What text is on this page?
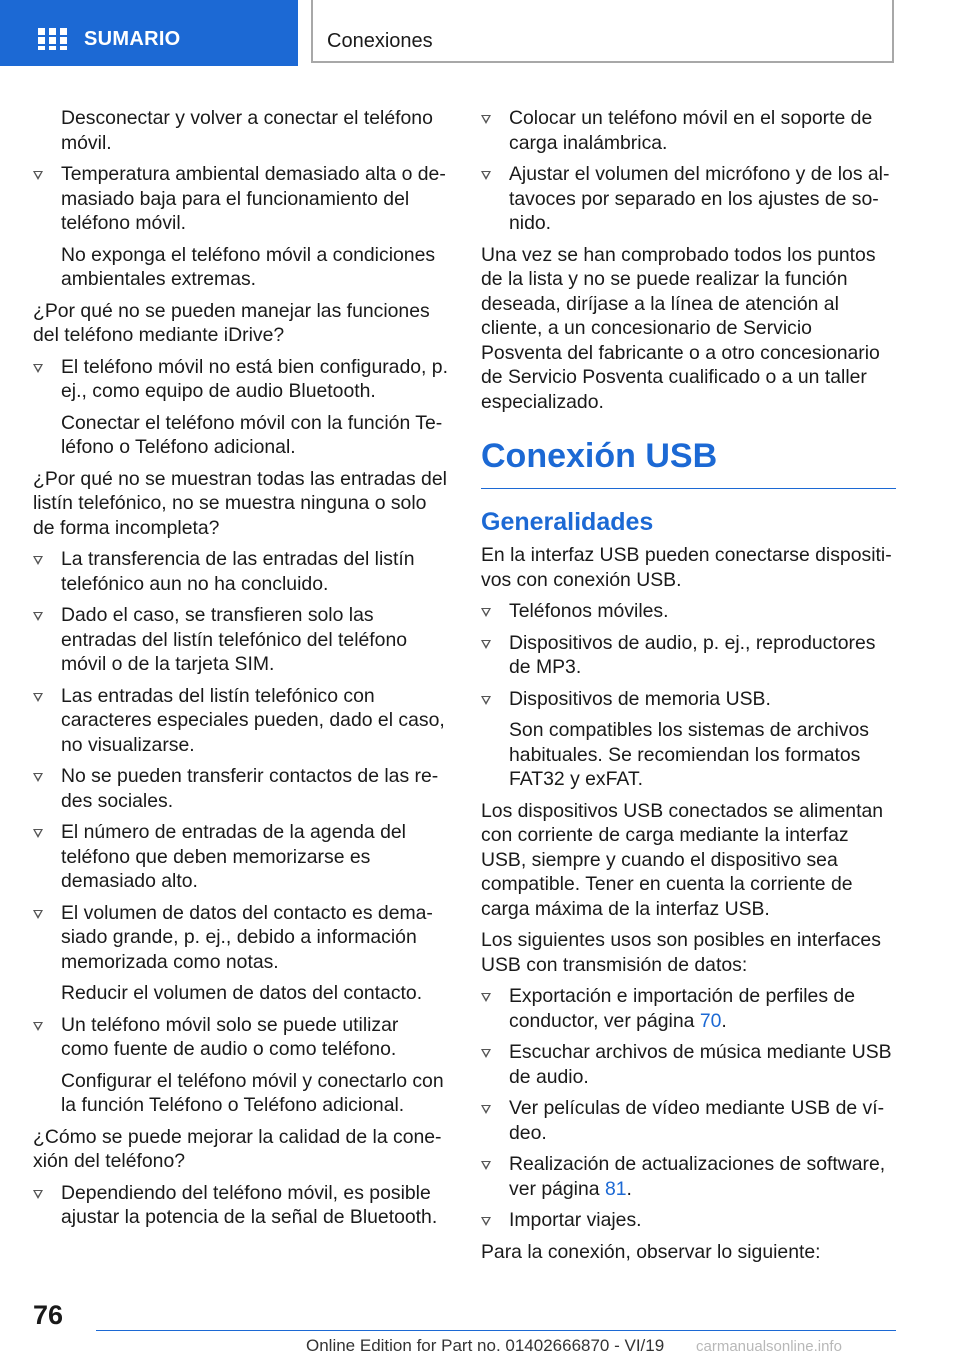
SUMARIO	Conexiones

Desconectar y volver a conectar el teléfono móvil.

Temperatura ambiental demasiado alta o demasiado baja para el funcionamiento del teléfono móvil.

No exponga el teléfono móvil a condiciones ambientales extremas.

¿Por qué no se pueden manejar las funciones del teléfono mediante iDrive?

El teléfono móvil no está bien configurado, p. ej., como equipo de audio Bluetooth.

Conectar el teléfono móvil con la función Teléfono o Teléfono adicional.

¿Por qué no se muestran todas las entradas del listín telefónico, no se muestra ninguna o solo de forma incompleta?

La transferencia de las entradas del listín telefónico aun no ha concluido.

Dado el caso, se transfieren solo las entradas del listín telefónico del teléfono móvil o de la tarjeta SIM.

Las entradas del listín telefónico con caracteres especiales pueden, dado el caso, no visualizarse.

No se pueden transferir contactos de las redes sociales.

El número de entradas de la agenda del teléfono que deben memorizarse es demasiado alto.

El volumen de datos del contacto es demasiado grande, p. ej., debido a información memorizada como notas.

Reducir el volumen de datos del contacto.

Un teléfono móvil solo se puede utilizar como fuente de audio o como teléfono.

Configurar el teléfono móvil y conectarlo con la función Teléfono o Teléfono adicional.

¿Cómo se puede mejorar la calidad de la conexión del teléfono?

Dependiendo del teléfono móvil, es posible ajustar la potencia de la señal de Bluetooth.

Colocar un teléfono móvil en el soporte de carga inalámbrica.

Ajustar el volumen del micrófono y de los altavoces por separado en los ajustes de sonido.

Una vez se han comprobado todos los puntos de la lista y no se puede realizar la función deseada, diríjase a la línea de atención al cliente, a un concesionario de Servicio Posventa del fabricante o a otro concesionario de Servicio Posventa cualificado o a un taller especializado.

Conexión USB

Generalidades

En la interfaz USB pueden conectarse dispositivos con conexión USB.

Teléfonos móviles.

Dispositivos de audio, p. ej., reproductores de MP3.

Dispositivos de memoria USB.

Son compatibles los sistemas de archivos habituales. Se recomiendan los formatos FAT32 y exFAT.

Los dispositivos USB conectados se alimentan con corriente de carga mediante la interfaz USB, siempre y cuando el dispositivo sea compatible. Tener en cuenta la corriente de carga máxima de la interfaz USB.

Los siguientes usos son posibles en interfaces USB con transmisión de datos:

Exportación e importación de perfiles de conductor, ver página 70.

Escuchar archivos de música mediante USB de audio.

Ver películas de vídeo mediante USB de vídeo.

Realización de actualizaciones de software, ver página 81.

Importar viajes.

Para la conexión, observar lo siguiente:

76
Online Edition for Part no. 01402666870 - VI/19 carmanualsonline.info
